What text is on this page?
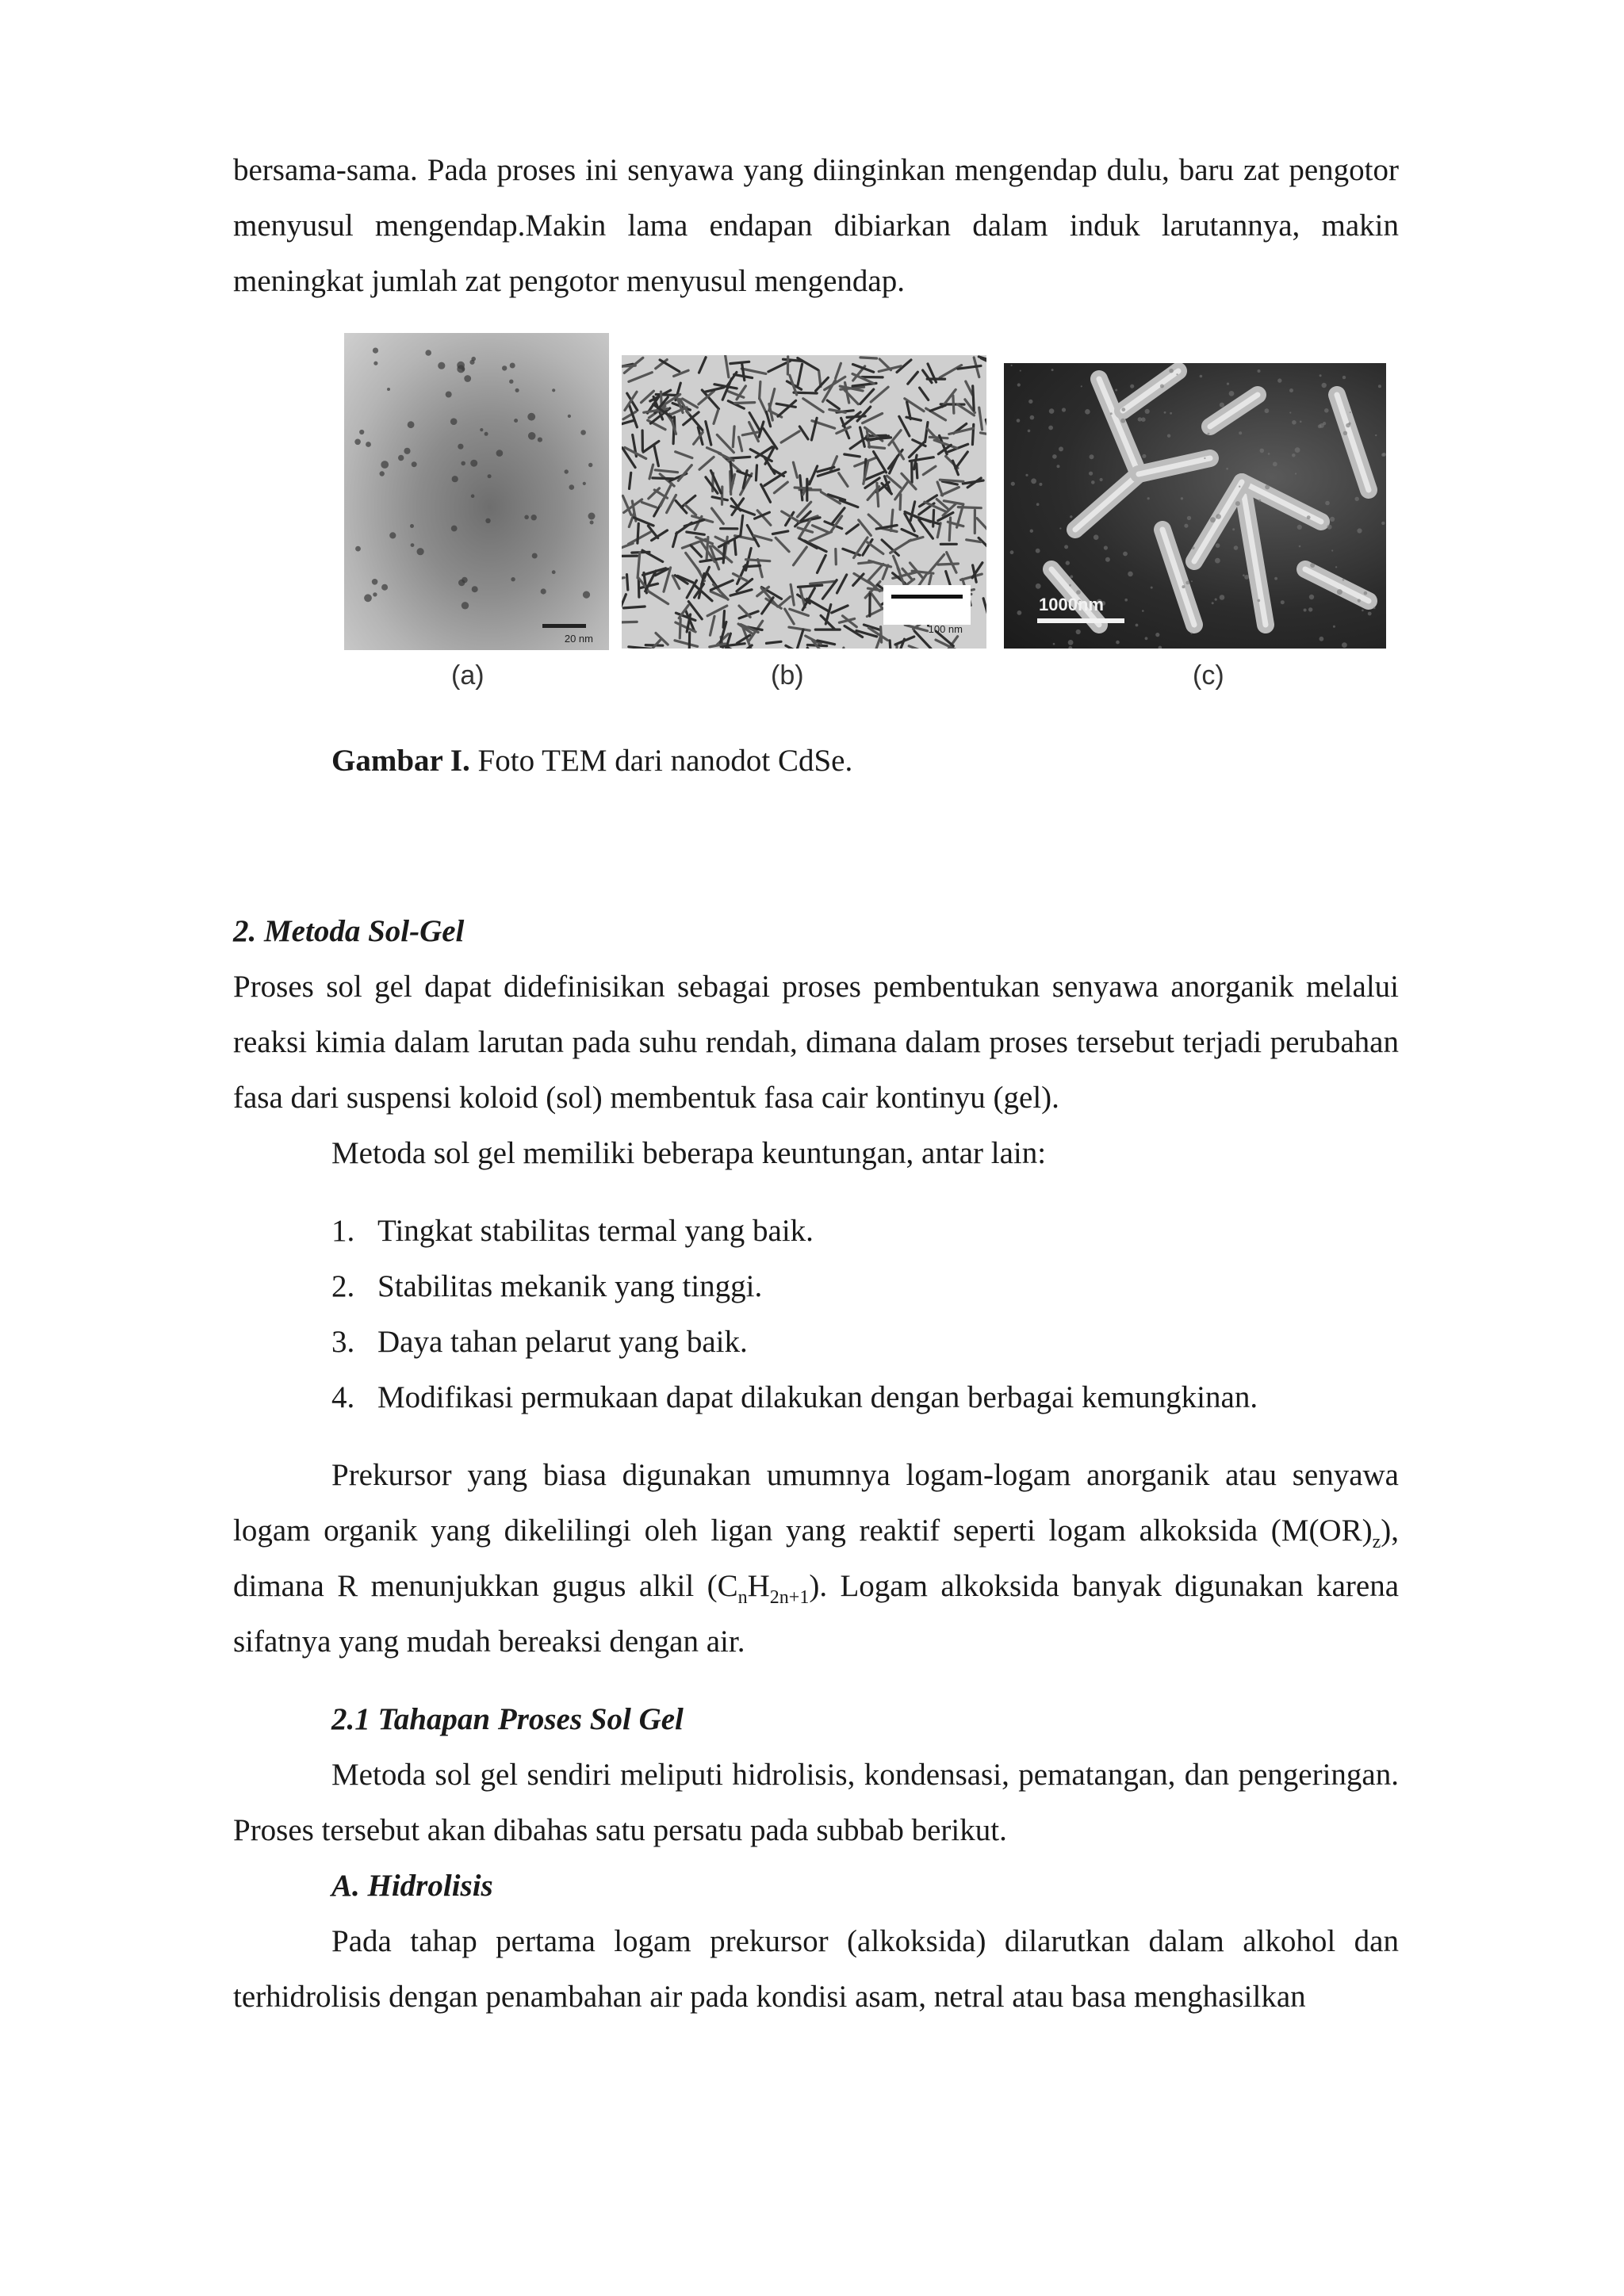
bersama-sama. Pada proses ini senyawa yang diinginkan mengendap dulu, baru zat pengotor menyusul mengendap.Makin lama endapan dibiarkan dalam induk larutannya, makin meningkat jumlah zat pengotor menyusul mengendap.

20 nm
100 nm
1000nm
(a)	(b)	(c)

Gambar I. Foto TEM dari nanodot CdSe.

2. Metoda Sol-Gel

Proses sol gel dapat didefinisikan sebagai proses pembentukan senyawa anorganik melalui reaksi kimia dalam larutan pada suhu rendah, dimana dalam proses tersebut terjadi perubahan fasa dari suspensi koloid (sol) membentuk fasa cair kontinyu (gel).

Metoda sol gel memiliki beberapa keuntungan, antar lain:

1. Tingkat stabilitas termal yang baik.
2. Stabilitas mekanik yang tinggi.
3. Daya tahan pelarut yang baik.
4. Modifikasi permukaan dapat dilakukan dengan berbagai kemungkinan.

Prekursor yang biasa digunakan umumnya logam-logam anorganik atau senyawa logam organik yang dikelilingi oleh ligan yang reaktif seperti logam alkoksida $(M(OR)_z)$, dimana R menunjukkan gugus alkil $(C_nH_{2n+1})$. Logam alkoksida banyak digunakan karena sifatnya yang mudah bereaksi dengan air.

2.1 Tahapan Proses Sol Gel

Metoda sol gel sendiri meliputi hidrolisis, kondensasi, pematangan, dan pengeringan. Proses tersebut akan dibahas satu persatu pada subbab berikut.

A. Hidrolisis

Pada tahap pertama logam prekursor (alkoksida) dilarutkan dalam alkohol dan terhidrolisis dengan penambahan air pada kondisi asam, netral atau basa menghasilkan
